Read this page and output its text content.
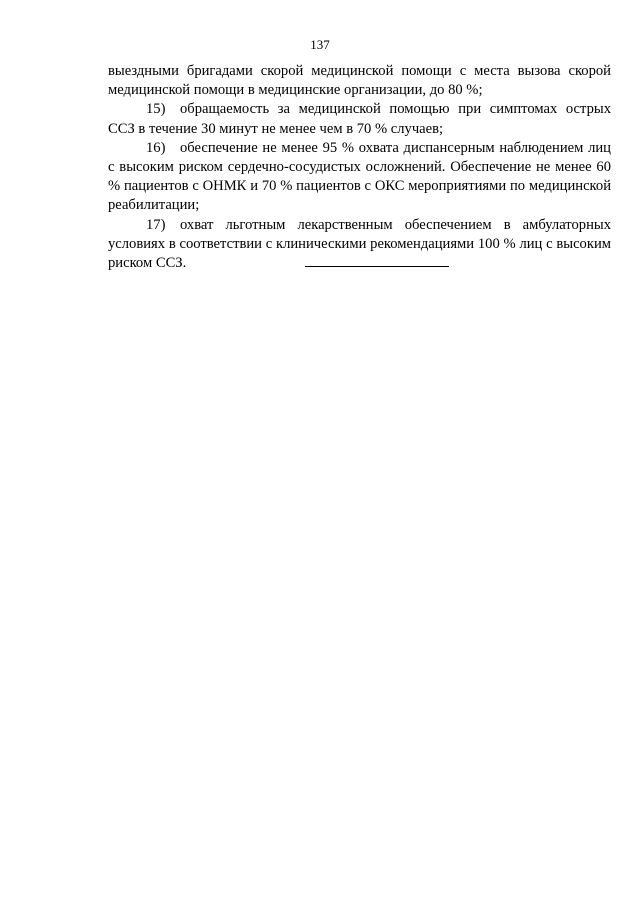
137

выездными бригадами скорой медицинской помощи с места вызова скорой медицинской помощи в медицинские организации, до 80 %;

15) обращаемость за медицинской помощью при симптомах острых ССЗ в течение 30 минут не менее чем в 70 % случаев;

16) обеспечение не менее 95 % охвата диспансерным наблюдением лиц с высоким риском сердечно-сосудистых осложнений. Обеспечение не менее 60 % пациентов с ОНМК и 70 % пациентов с ОКС мероприятиями по медицинской реабилитации;

17) охват льготным лекарственным обеспечением в амбулаторных условиях в соответствии с клиническими рекомендациями 100 % лиц с высоким риском ССЗ.
